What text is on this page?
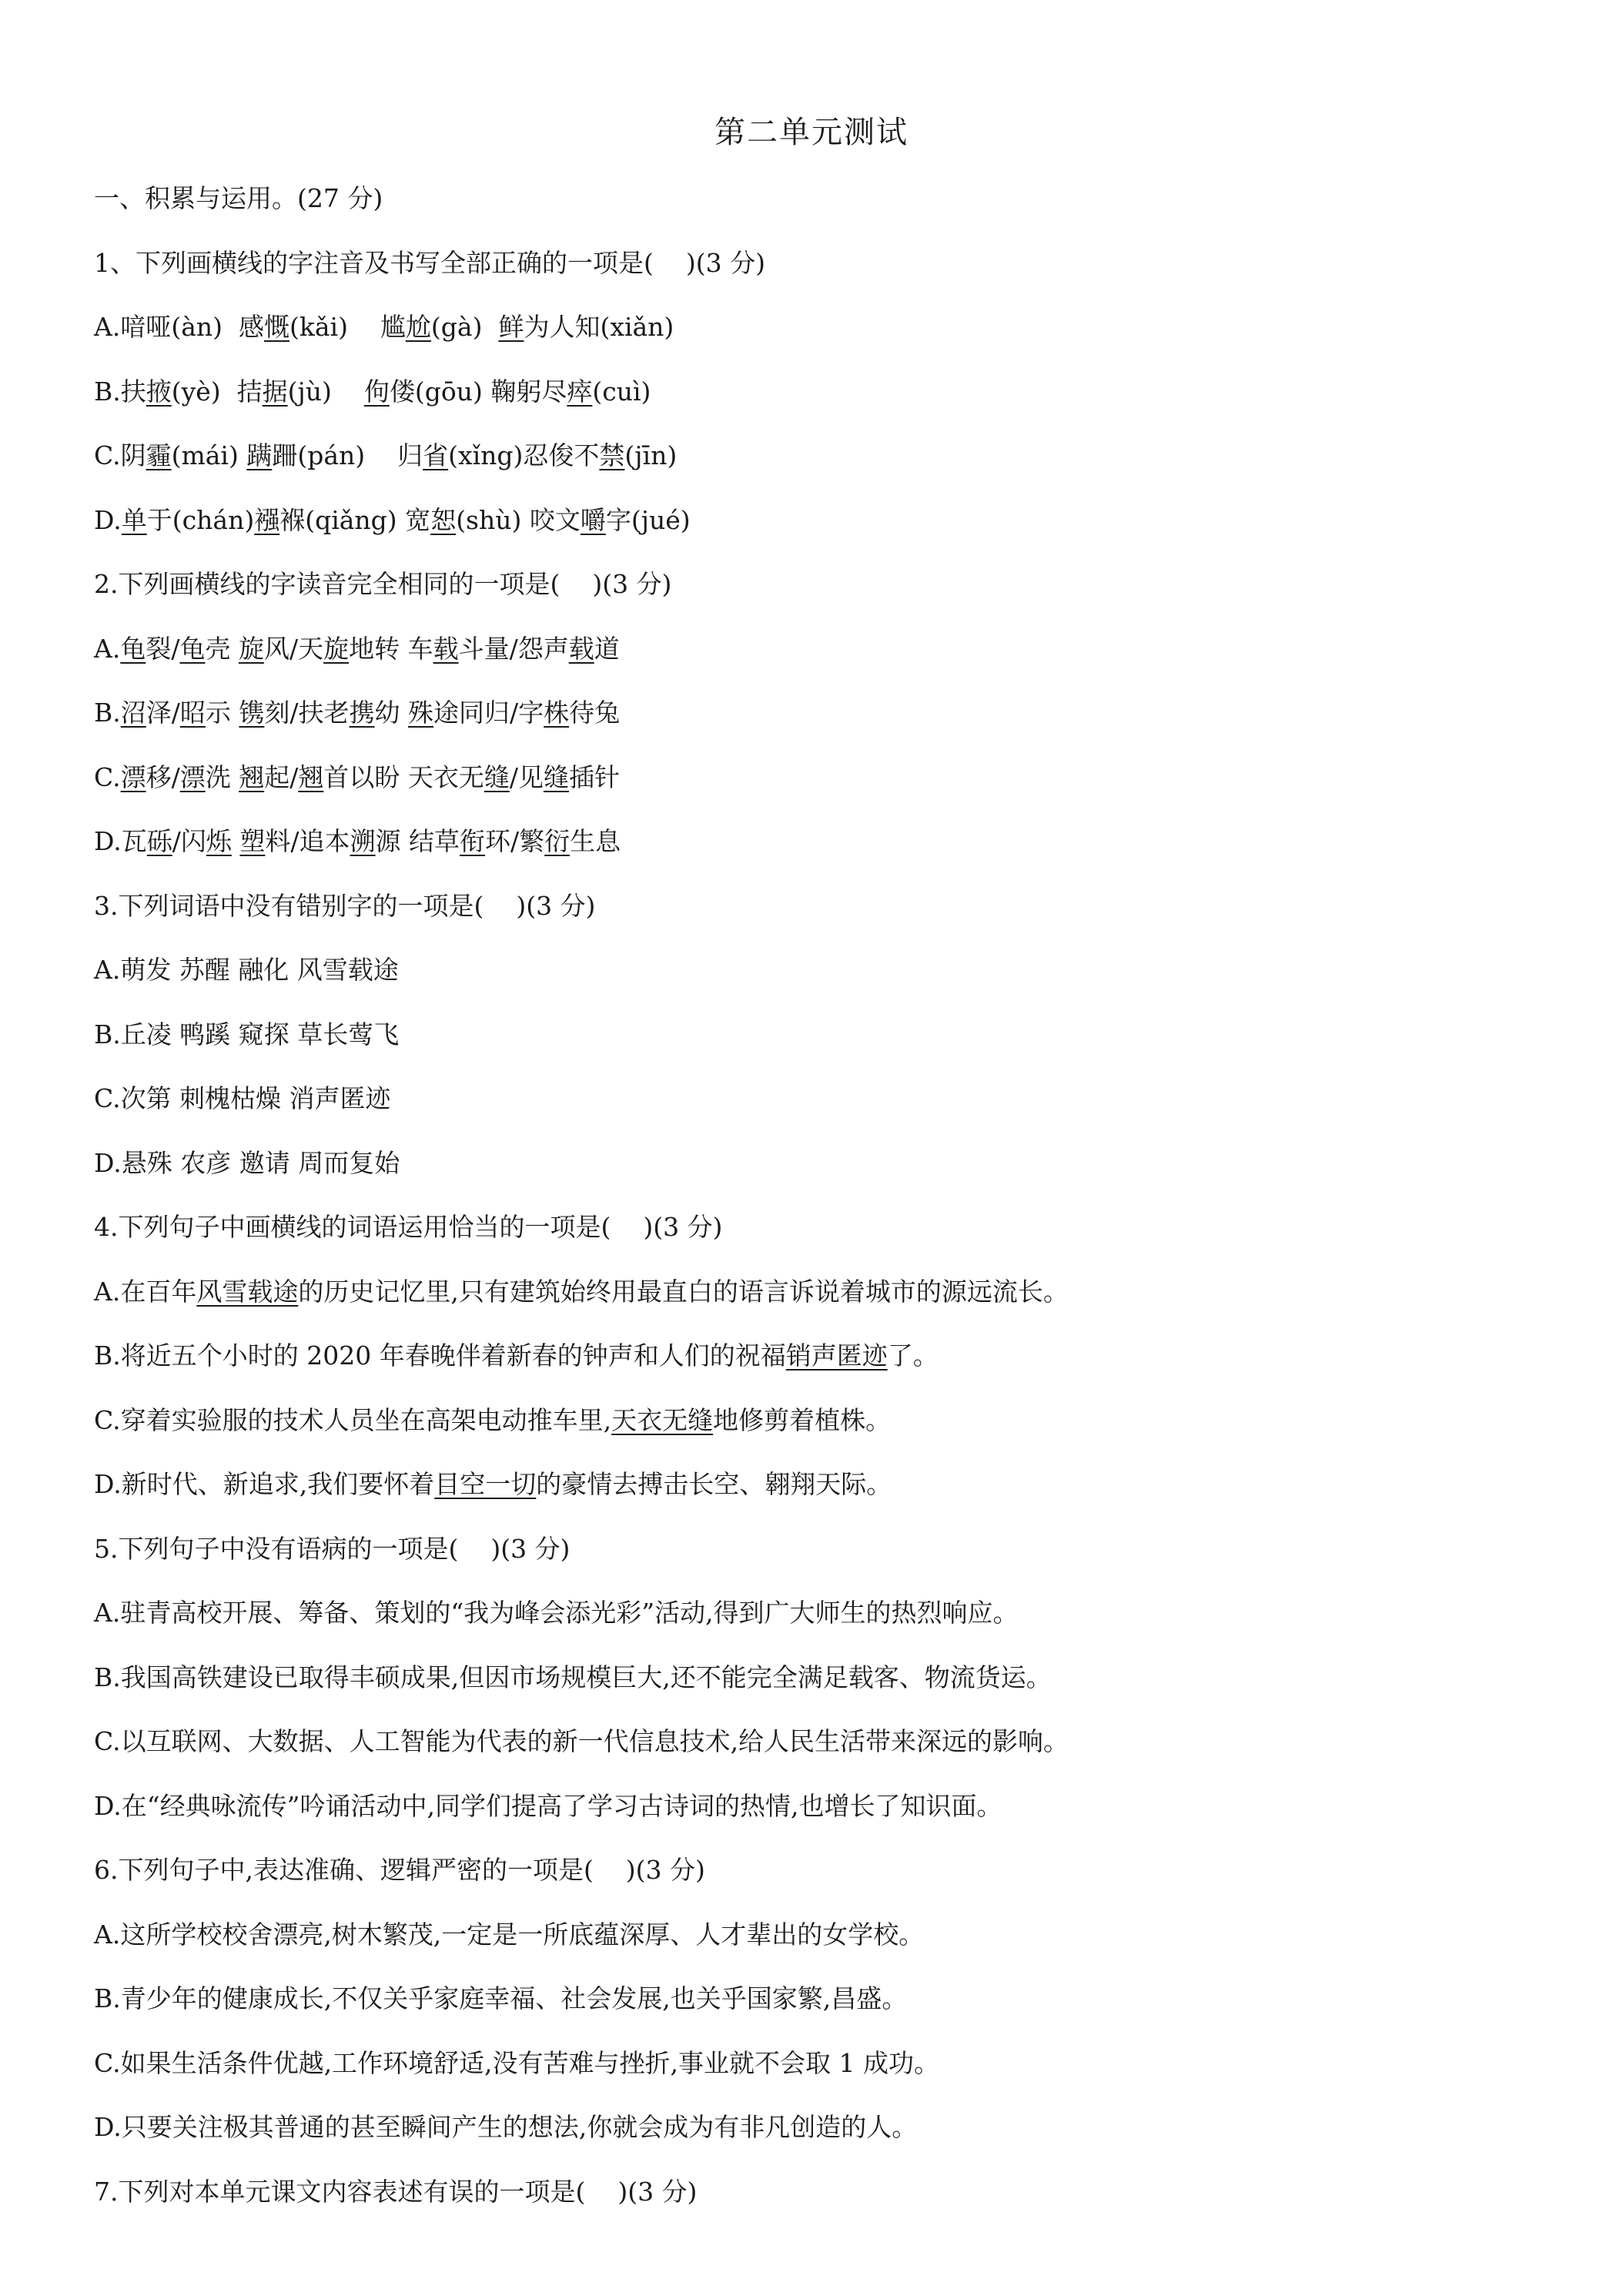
第二单元测试
一、积累与运用。(27 分)
1、下列画横线的字注音及书写全部正确的一项是(    )(3 分)
A.喑哑(àn)  感慨(kǎi)    尴尬(gà)  鲜为人知(xiǎn)
B.扶掖(yè)  拮据(jù)    佝偻(gōu) 鞠躬尽瘁(cuì)
C.阴霾(mái) 蹒跚(pán)    归省(xǐng)忍俊不禁(jīn)
D.单于(chán)襁褓(qiǎng) 宽恕(shù) 咬文嚼字(jué)
2.下列画横线的字读音完全相同的一项是(    )(3 分)
A.龟裂/龟壳 旋风/天旋地转 车载斗量/怨声载道
B.沼泽/昭示 镌刻/扶老携幼 殊途同归/字株待兔
C.漂移/漂洗 翘起/翘首以盼 天衣无缝/见缝插针
D.瓦砾/闪烁 塑料/追本溯源 结草衔环/繁衍生息
3.下列词语中没有错别字的一项是(    )(3 分)
A.萌发 苏醒 融化 风雪载途
B.丘凌 鸭蹊 窥探 草长莺飞
C.次第 刺槐枯燥 消声匿迹
D.悬殊 农彦 邀请 周而复始
4.下列句子中画横线的词语运用恰当的一项是(    )(3 分)
A.在百年风雪载途的历史记忆里,只有建筑始终用最直白的语言诉说着城市的源远流长。
B.将近五个小时的 2020 年春晚伴着新春的钟声和人们的祝福销声匿迹了。
C.穿着实验服的技术人员坐在高架电动推车里,天衣无缝地修剪着植株。
D.新时代、新追求,我们要怀着目空一切的豪情去搏击长空、翱翔天际。
5.下列句子中没有语病的一项是(    )(3 分)
A.驻青高校开展、筹备、策划的“我为峰会添光彩”活动,得到广大师生的热烈响应。
B.我国高铁建设已取得丰硕成果,但因市场规模巨大,还不能完全满足载客、物流货运。
C.以互联网、大数据、人工智能为代表的新一代信息技术,给人民生活带来深远的影响。
D.在“经典咏流传”吟诵活动中,同学们提高了学习古诗词的热情,也增长了知识面。
6.下列句子中,表达准确、逻辑严密的一项是(    )(3 分)
A.这所学校校舍漂亮,树木繁茂,一定是一所底蕴深厚、人才辈出的女学校。
B.青少年的健康成长,不仅关乎家庭幸福、社会发展,也关乎国家繁,昌盛。
C.如果生活条件优越,工作环境舒适,没有苦难与挫折,事业就不会取 1 成功。
D.只要关注极其普通的甚至瞬间产生的想法,你就会成为有非凡创造的人。
7.下列对本单元课文内容表述有误的一项是(    )(3 分)
